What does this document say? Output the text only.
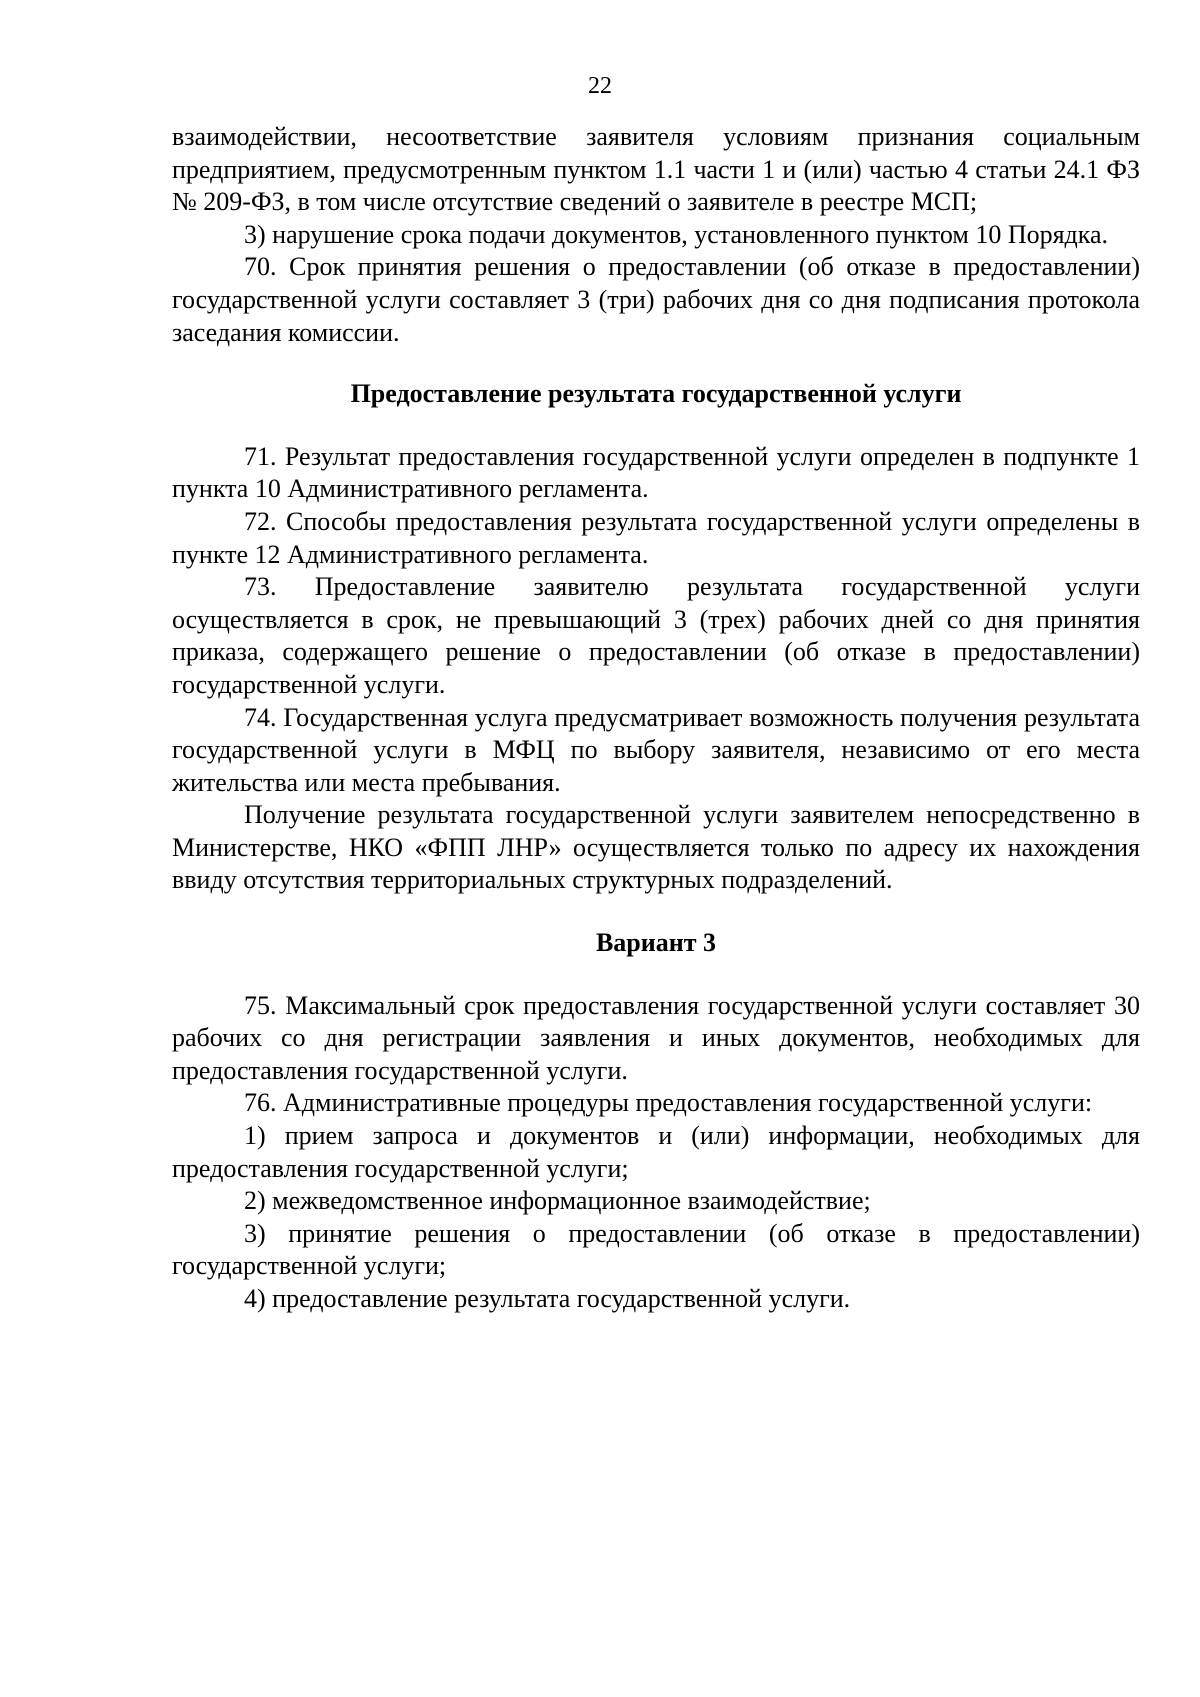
22

взаимодействии, несоответствие заявителя условиям признания социальным предприятием, предусмотренным пунктом 1.1 части 1 и (или) частью 4 статьи 24.1 ФЗ № 209-ФЗ, в том числе отсутствие сведений о заявителе в реестре МСП;

3) нарушение срока подачи документов, установленного пунктом 10 Порядка.

70. Срок принятия решения о предоставлении (об отказе в предоставлении) государственной услуги составляет 3 (три) рабочих дня со дня подписания протокола заседания комиссии.

Предоставление результата государственной услуги

71. Результат предоставления государственной услуги определен в подпункте 1 пункта 10 Административного регламента.

72. Способы предоставления результата государственной услуги определены в пункте 12 Административного регламента.

73. Предоставление заявителю результата государственной услуги осуществляется в срок, не превышающий 3 (трех) рабочих дней со дня принятия приказа, содержащего решение о предоставлении (об отказе в предоставлении) государственной услуги.

74. Государственная услуга предусматривает возможность получения результата государственной услуги в МФЦ по выбору заявителя, независимо от его места жительства или места пребывания.

Получение результата государственной услуги заявителем непосредственно в Министерстве, НКО «ФПП ЛНР» осуществляется только по адресу их нахождения ввиду отсутствия территориальных структурных подразделений.

Вариант 3

75. Максимальный срок предоставления государственной услуги составляет 30 рабочих со дня регистрации заявления и иных документов, необходимых для предоставления государственной услуги.

76. Административные процедуры предоставления государственной услуги:

1) прием запроса и документов и (или) информации, необходимых для предоставления государственной услуги;

2) межведомственное информационное взаимодействие;

3) принятие решения о предоставлении (об отказе в предоставлении) государственной услуги;

4) предоставление результата государственной услуги.
